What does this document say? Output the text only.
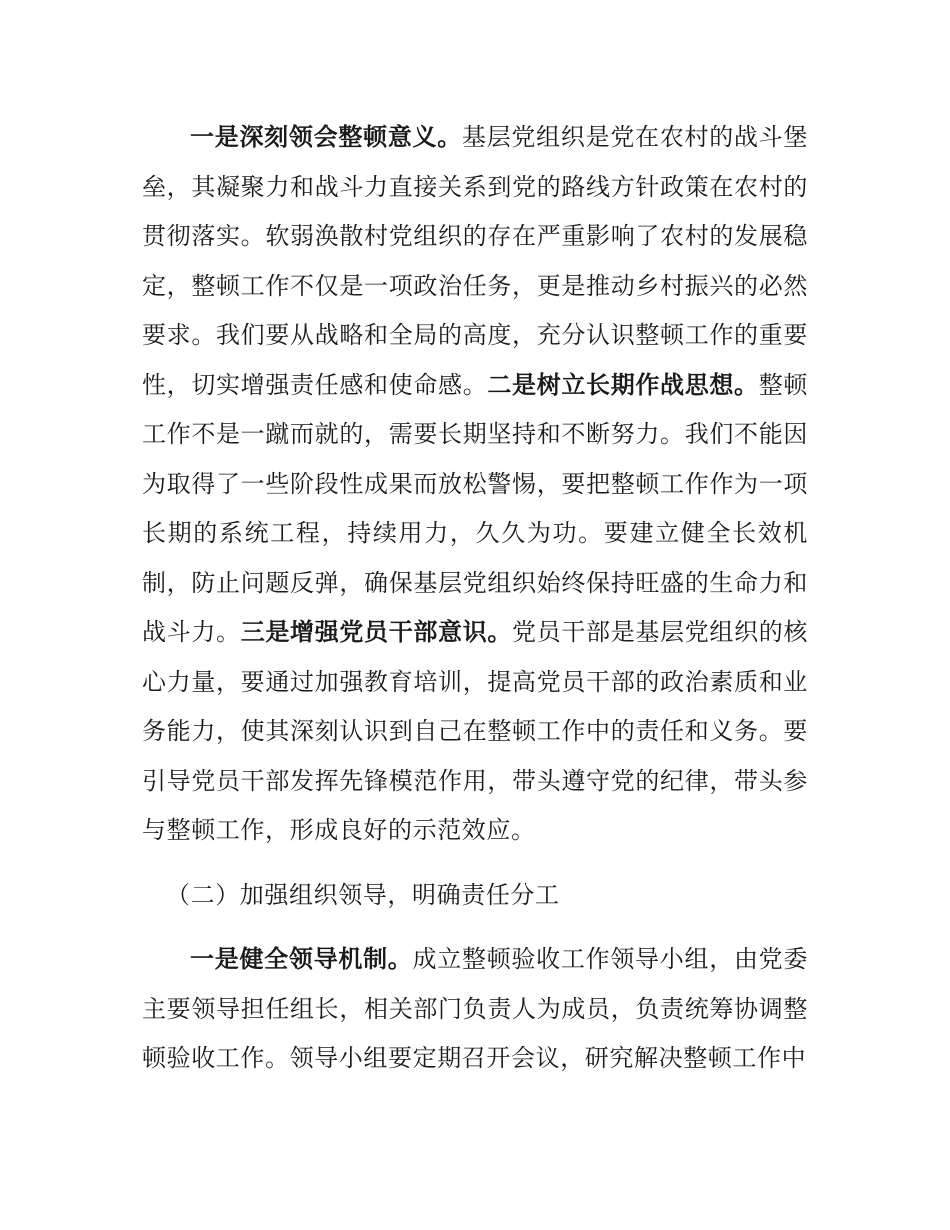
一是深刻领会整顿意义。基层党组织是党在农村的战斗堡垒，其凝聚力和战斗力直接关系到党的路线方针政策在农村的贯彻落实。软弱涣散村党组织的存在严重影响了农村的发展稳定，整顿工作不仅是一项政治任务，更是推动乡村振兴的必然要求。我们要从战略和全局的高度，充分认识整顿工作的重要性，切实增强责任感和使命感。二是树立长期作战思想。整顿工作不是一蹴而就的，需要长期坚持和不断努力。我们不能因为取得了一些阶段性成果而放松警惕，要把整顿工作作为一项长期的系统工程，持续用力，久久为功。要建立健全长效机制，防止问题反弹，确保基层党组织始终保持旺盛的生命力和战斗力。三是增强党员干部意识。党员干部是基层党组织的核心力量，要通过加强教育培训，提高党员干部的政治素质和业务能力，使其深刻认识到自己在整顿工作中的责任和义务。要引导党员干部发挥先锋模范作用，带头遵守党的纪律，带头参与整顿工作，形成良好的示范效应。

（二）加强组织领导，明确责任分工

一是健全领导机制。成立整顿验收工作领导小组，由党委主要领导担任组长，相关部门负责人为成员，负责统筹协调整顿验收工作。领导小组要定期召开会议，研究解决整顿工作中
